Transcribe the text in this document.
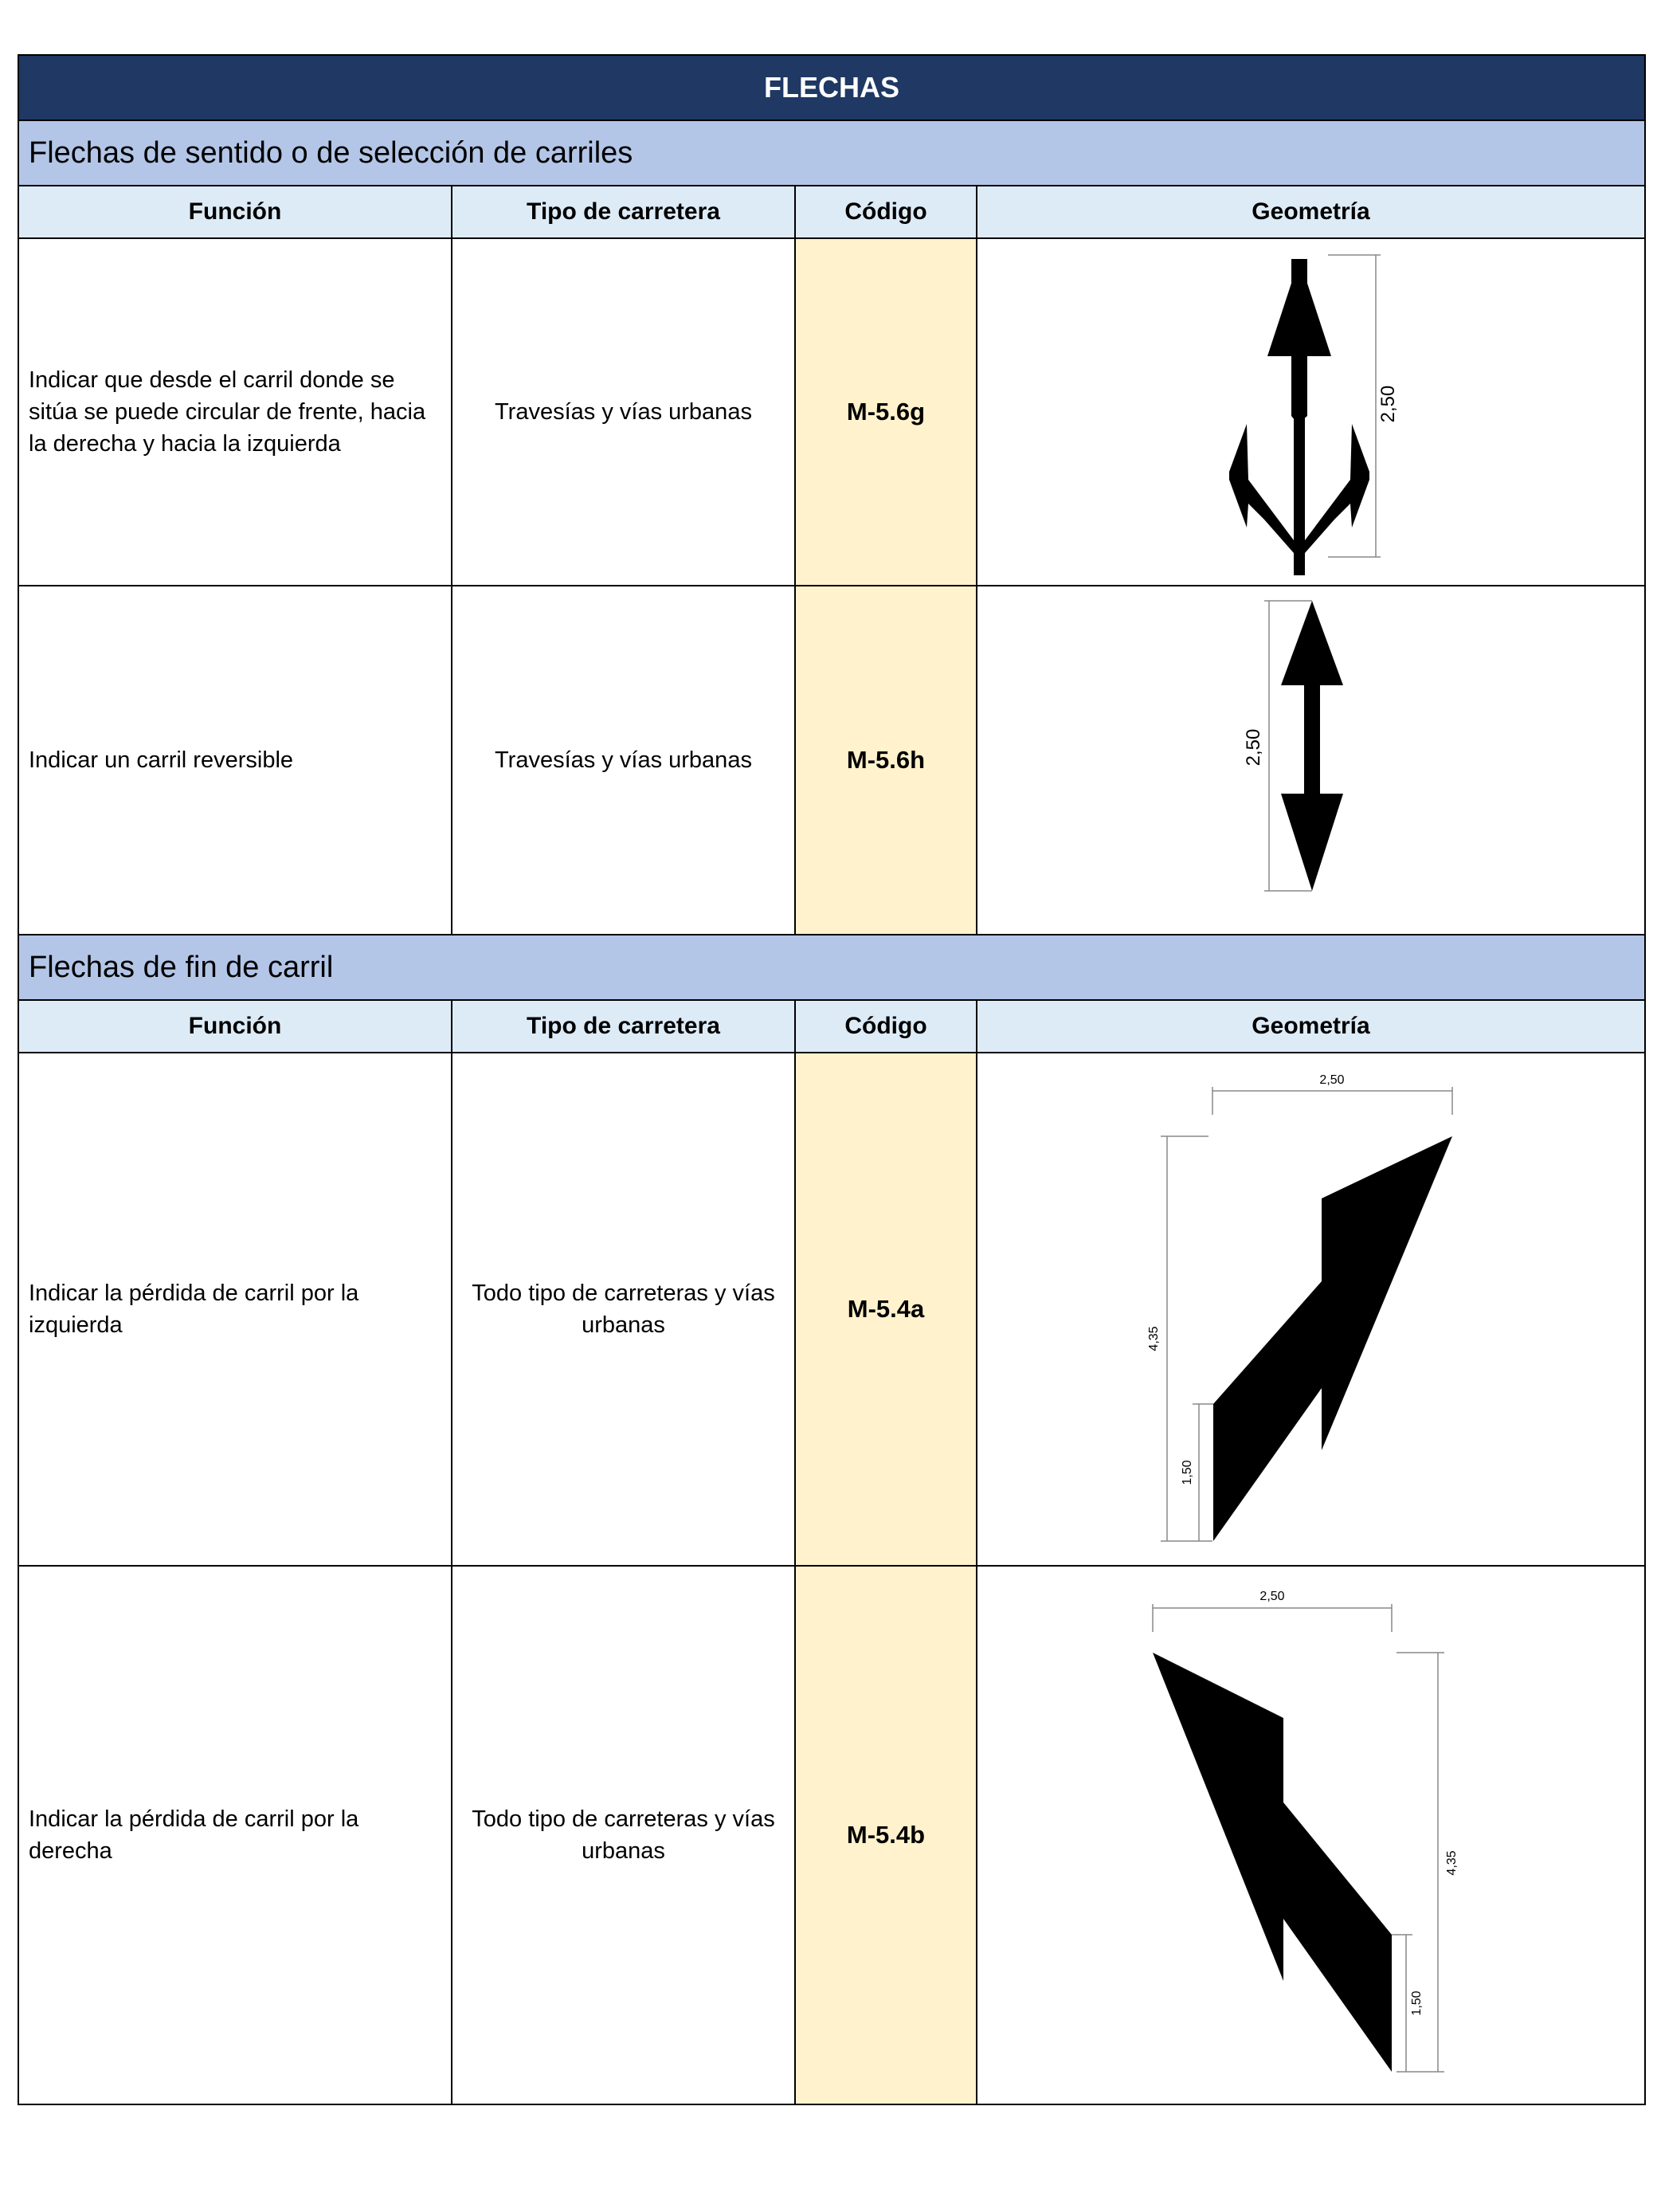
FLECHAS			
Flechas de sentido o de selección de carriles			
Función	Tipo de carretera	Código	Geometría
Indicar que desde el carril donde se sitúa se puede circular de frente, hacia la derecha y hacia la izquierda	Travesías y vías urbanas	M-5.6g	2,50

Indicar un carril reversible	Travesías y vías urbanas	M-5.6h	2,50

Flechas de fin de carril			
Función	Tipo de carretera	Código	Geometría
Indicar la pérdida de carril por la izquierda	Todo tipo de carreteras y vías urbanas	M-5.4a	2,50
4,35
1,50

Indicar la pérdida de carril por la derecha	Todo tipo de carreteras y vías urbanas	M-5.4b	2,50
4,35
1,50
